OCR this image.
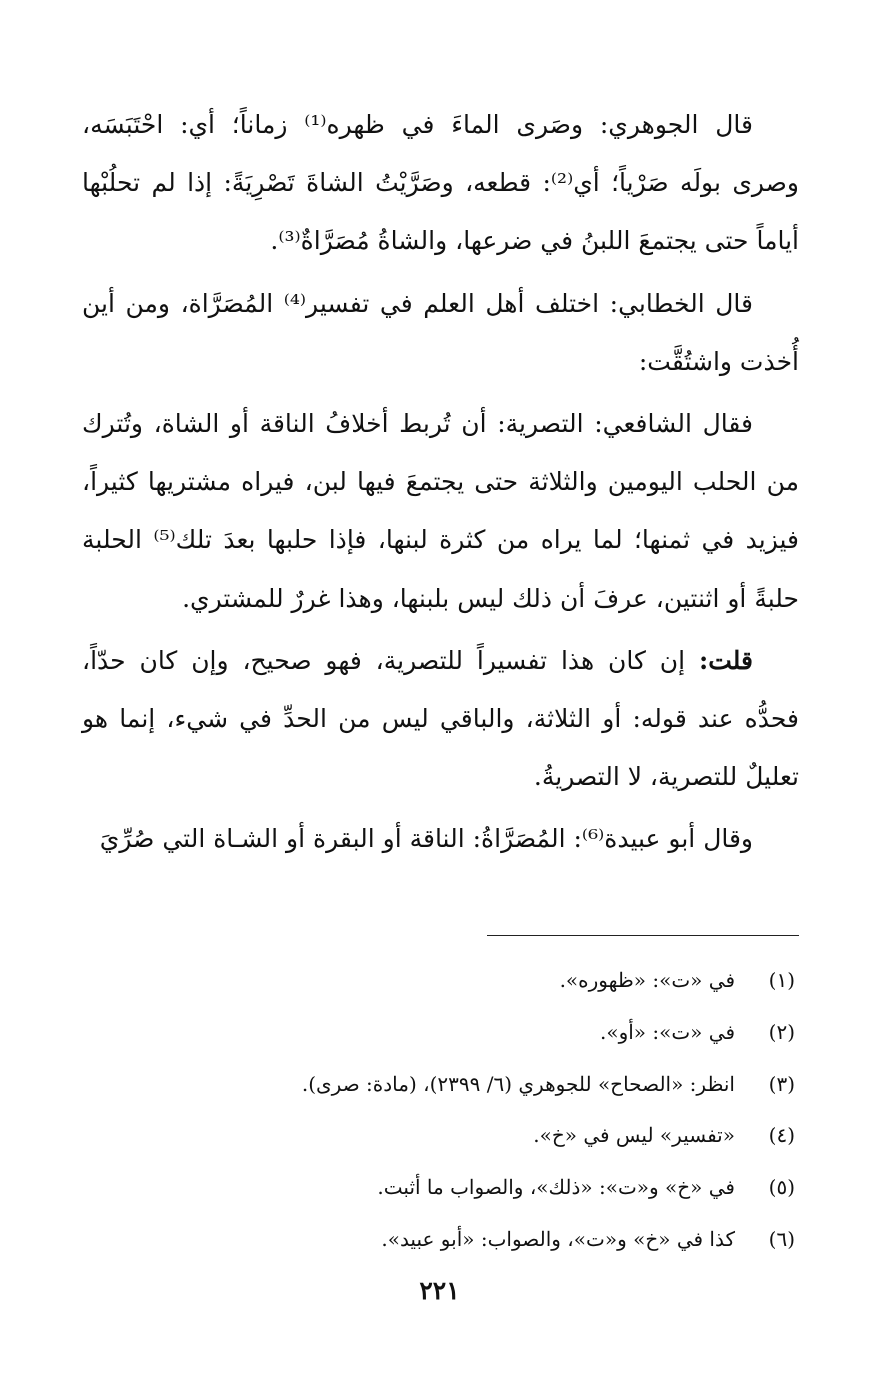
قال الجوهري: وصَرى الماءَ في ظهره⁽¹⁾ زماناً؛ أي: احْتَبَسَه، وصرى بولَه صَرْياً؛ أي⁽²⁾: قطعه، وصَرَّيْتُ الشاةَ تَصْرِيَةً: إذا لم تحلُبْها أياماً حتى يجتمعَ اللبنُ في ضرعها، والشاةُ مُصَرَّاةٌ⁽³⁾.

قال الخطابي: اختلف أهل العلم في تفسير⁽⁴⁾ المُصَرَّاة، ومن أين أُخذت واشتُقَّت:

فقال الشافعي: التصرية: أن تُربط أخلافُ الناقة أو الشاة، وتُترك من الحلب اليومين والثلاثة حتى يجتمعَ فيها لبن، فيراه مشتريها كثيراً، فيزيد في ثمنها؛ لما يراه من كثرة لبنها، فإذا حلبها بعدَ تلك⁽⁵⁾ الحلبة حلبةً أو اثنتين، عرفَ أن ذلك ليس بلبنها، وهذا غررٌ للمشتري.

قلت: إن كان هذا تفسيراً للتصرية، فهو صحيح، وإن كان حدّاً، فحدُّه عند قوله: أو الثلاثة، والباقي ليس من الحدِّ في شيء، إنما هو تعليلٌ للتصرية، لا التصريةُ.

وقال أبو عبيدة⁽⁶⁾: المُصَرَّاةُ: الناقة أو البقرة أو الشـاة التي صُرِّيَ

(١)
في «ت»: «ظهوره».
(٢)
في «ت»: «أو».
(٣)
انظر: «الصحاح» للجوهري (٦/ ٢٣٩٩)، (مادة: صرى).
(٤)
«تفسير» ليس في «خ».
(٥)
في «خ» و«ت»: «ذلك»، والصواب ما أثبت.
(٦)
كذا في «خ» و«ت»، والصواب: «أبو عبيد».
٢٢١
